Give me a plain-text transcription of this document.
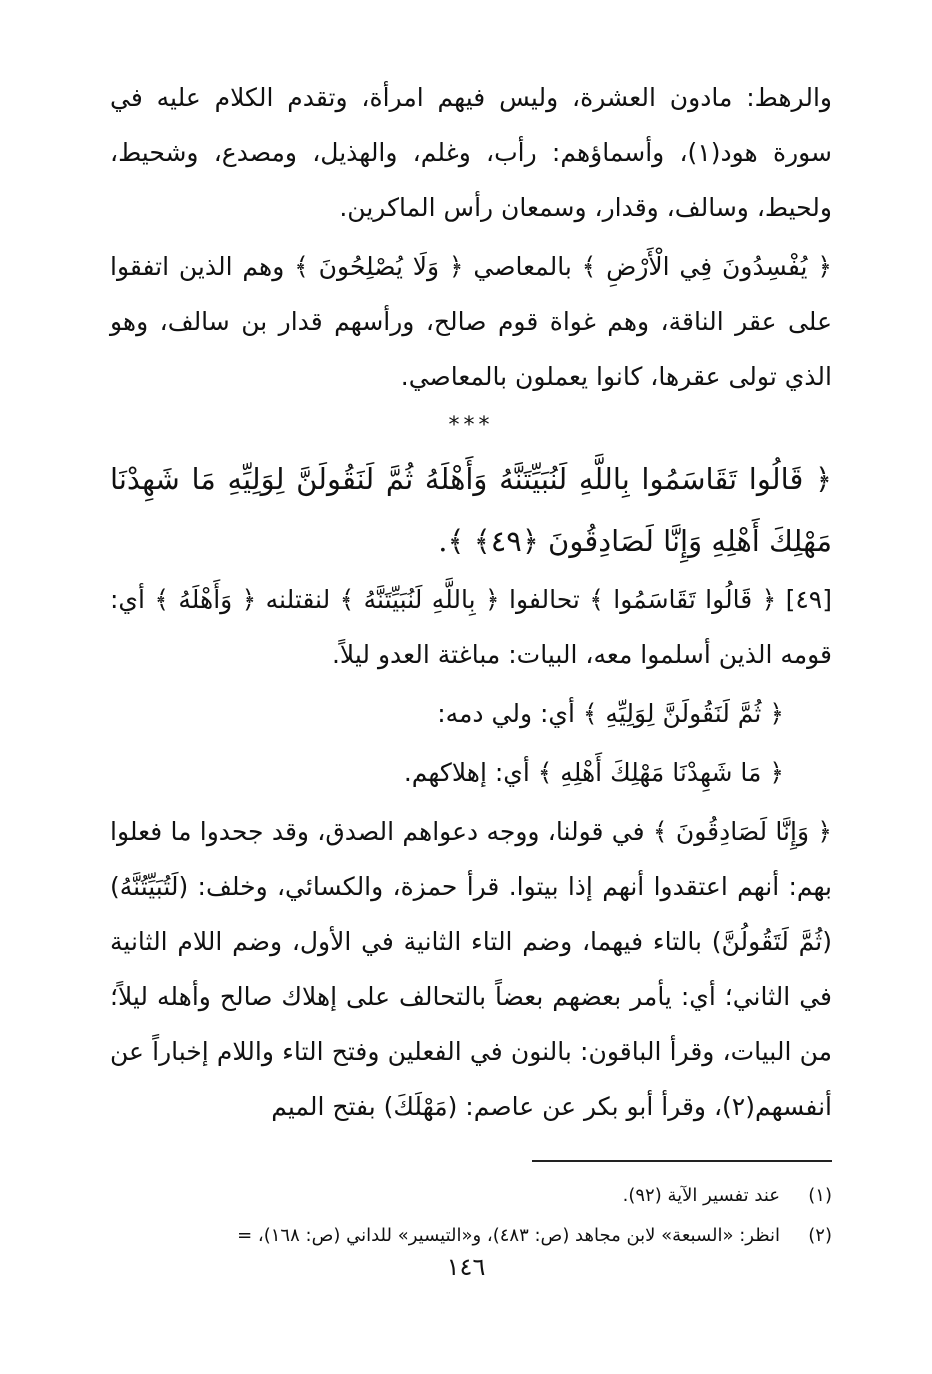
والرهط: مادون العشرة، وليس فيهم امرأة، وتقدم الكلام عليه في سورة هود(١)، وأسماؤهم: رأب، وغلم، والهذيل، ومصدع، وشحيط، ولحيط، وسالف، وقدار، وسمعان رأس الماكرين.

﴿ يُفْسِدُونَ فِي الْأَرْضِ ﴾ بالمعاصي ﴿ وَلَا يُصْلِحُونَ ﴾ وهم الذين اتفقوا على عقر الناقة، وهم غواة قوم صالح، ورأسهم قدار بن سالف، وهو الذي تولى عقرها، كانوا يعملون بالمعاصي.

***

﴿ قَالُوا تَقَاسَمُوا بِاللَّهِ لَنُبَيِّتَنَّهُ وَأَهْلَهُ ثُمَّ لَنَقُولَنَّ لِوَلِيِّهِ مَا شَهِدْنَا مَهْلِكَ أَهْلِهِ وَإِنَّا لَصَادِقُونَ ﴿٤٩﴾ ﴾.

[٤٩] ﴿ قَالُوا تَقَاسَمُوا ﴾ تحالفوا ﴿ بِاللَّهِ لَنُبَيِّتَنَّهُ ﴾ لنقتلنه ﴿ وَأَهْلَهُ ﴾ أي: قومه الذين أسلموا معه، البيات: مباغتة العدو ليلاً.

﴿ ثُمَّ لَنَقُولَنَّ لِوَلِيِّهِ ﴾ أي: ولي دمه:

﴿ مَا شَهِدْنَا مَهْلِكَ أَهْلِهِ ﴾ أي: إهلاكهم.

﴿ وَإِنَّا لَصَادِقُونَ ﴾ في قولنا، ووجه دعواهم الصدق، وقد جحدوا ما فعلوا بهم: أنهم اعتقدوا أنهم إذا بيتوا. قرأ حمزة، والكسائي، وخلف: (لَتُبَيِّتُنَّهُ) (ثُمَّ لَتَقُولُنَّ) بالتاء فيهما، وضم التاء الثانية في الأول، وضم اللام الثانية في الثاني؛ أي: يأمر بعضهم بعضاً بالتحالف على إهلاك صالح وأهله ليلاً؛ من البيات، وقرأ الباقون: بالنون في الفعلين وفتح التاء واللام إخباراً عن أنفسهم(٢)، وقرأ أبو بكر عن عاصم: (مَهْلَكَ) بفتح الميم

(١)عند تفسير الآية (٩٢).

(٢)انظر: «السبعة» لابن مجاهد (ص: ٤٨٣)، و«التيسير» للداني (ص: ١٦٨)، =

١٤٦
